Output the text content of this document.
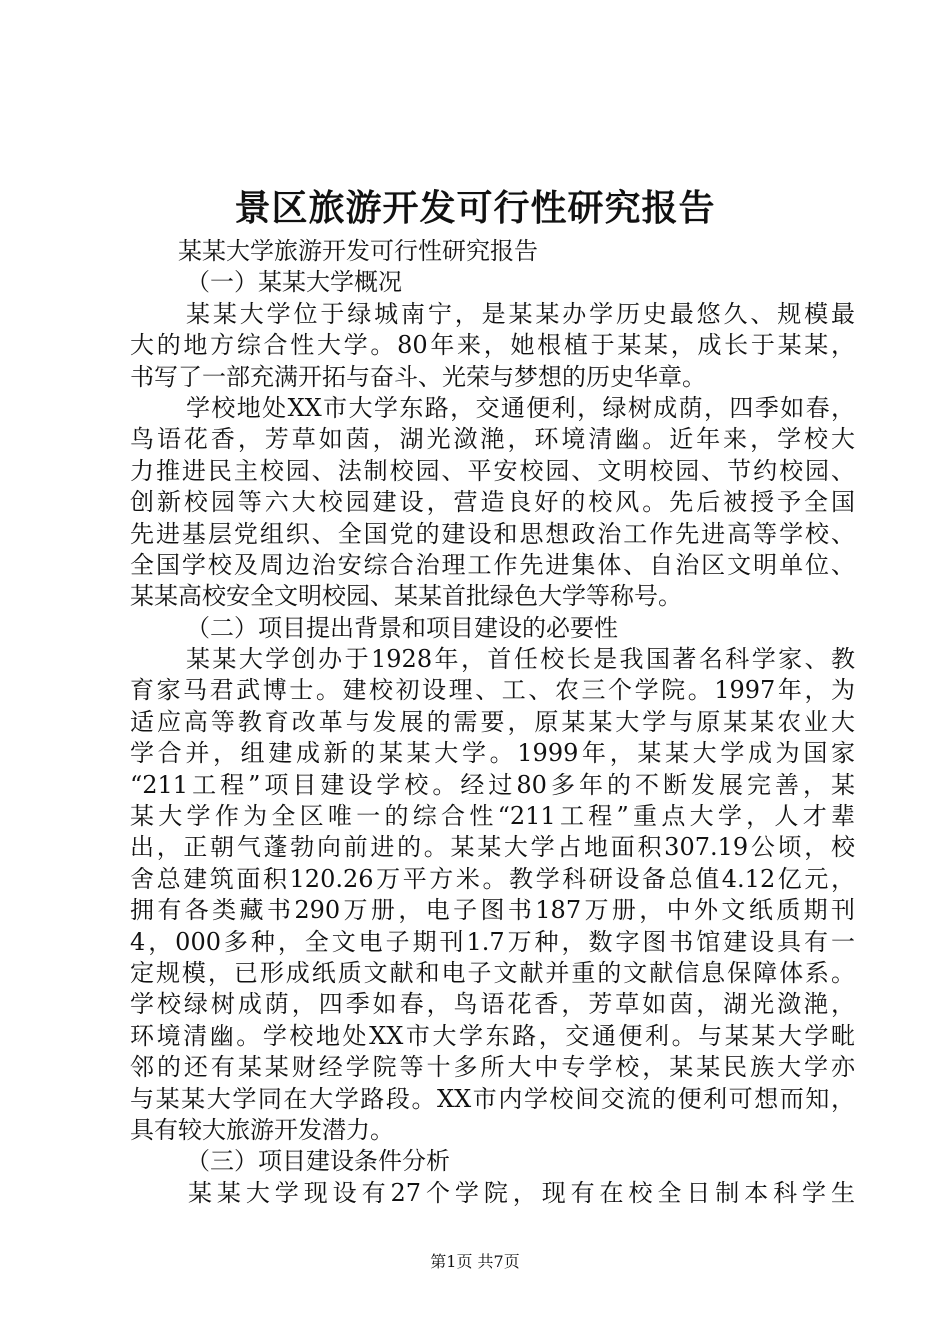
景区旅游开发可行性研究报告
某某大学旅游开发可行性研究报告
（一）某某大学概况
某某大学位于绿城南宁，是某某办学历史最悠久、规模最
大的地方综合性大学。80年来，她根植于某某，成长于某某，
书写了一部充满开拓与奋斗、光荣与梦想的历史华章。
学校地处XX市大学东路，交通便利，绿树成荫，四季如春，
鸟语花香，芳草如茵，湖光潋滟，环境清幽。近年来，学校大
力推进民主校园、法制校园、平安校园、文明校园、节约校园、
创新校园等六大校园建设，营造良好的校风。先后被授予全国
先进基层党组织、全国党的建设和思想政治工作先进高等学校、
全国学校及周边治安综合治理工作先进集体、自治区文明单位、
某某高校安全文明校园、某某首批绿色大学等称号。
（二）项目提出背景和项目建设的必要性
某某大学创办于1928年，首任校长是我国著名科学家、教
育家马君武博士。建校初设理、工、农三个学院。1997年，为
适应高等教育改革与发展的需要，原某某大学与原某某农业大
学合并，组建成新的某某大学。1999年，某某大学成为国家
“211工程”项目建设学校。经过80多年的不断发展完善，某
某大学作为全区唯一的综合性“211工程”重点大学，人才辈
出，正朝气蓬勃向前进的。某某大学占地面积307.19公顷，校
舍总建筑面积120.26万平方米。教学科研设备总值4.12亿元，
拥有各类藏书290万册，电子图书187万册，中外文纸质期刊
4，000多种，全文电子期刊1.7万种，数字图书馆建设具有一
定规模，已形成纸质文献和电子文献并重的文献信息保障体系。
学校绿树成荫，四季如春，鸟语花香，芳草如茵，湖光潋滟，
环境清幽。学校地处XX市大学东路，交通便利。与某某大学毗
邻的还有某某财经学院等十多所大中专学校，某某民族大学亦
与某某大学同在大学路段。XX市内学校间交流的便利可想而知，
具有较大旅游开发潜力。
（三）项目建设条件分析
某某大学现设有27个学院，现有在校全日制本科学生
第1页 共7页
